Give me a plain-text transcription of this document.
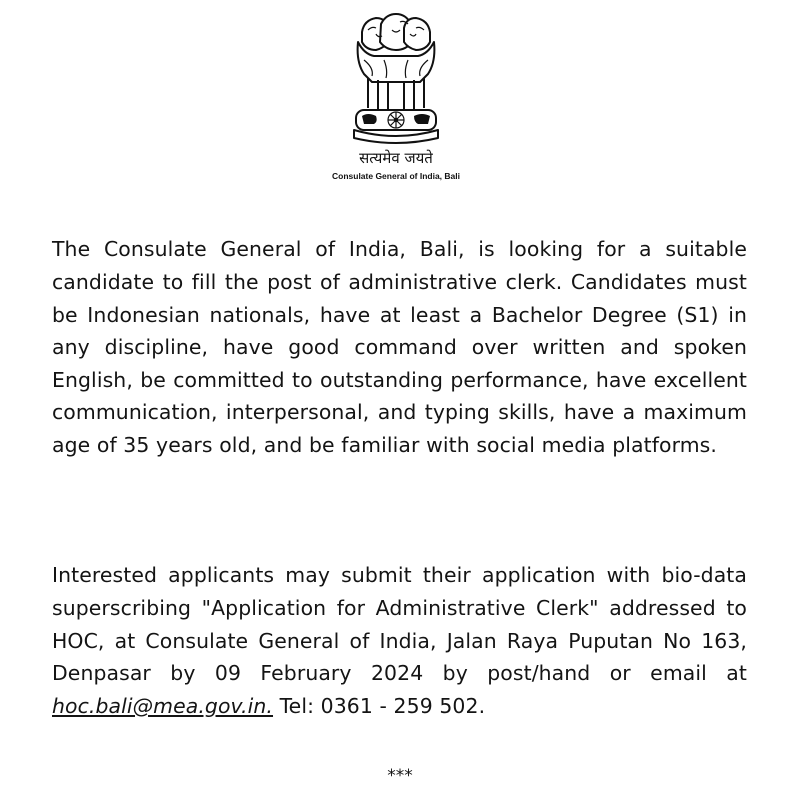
सत्यमेव जयते
Consulate General of India, Bali

The Consulate General of India, Bali, is looking for a suitable candidate to fill the post of administrative clerk. Candidates must be Indonesian nationals, have at least a Bachelor Degree (S1) in any discipline, have good command over written and spoken English, be committed to outstanding performance, have excellent communication, interpersonal, and typing skills, have a maximum age of 35 years old, and be familiar with social media platforms.

Interested applicants may submit their application with bio-data superscribing "Application for Administrative Clerk" addressed to HOC, at Consulate General of India, Jalan Raya Puputan No 163, Denpasar by 09 February 2024 by post/hand or email at hoc.bali@mea.gov.in. Tel: 0361 - 259 502.

***
